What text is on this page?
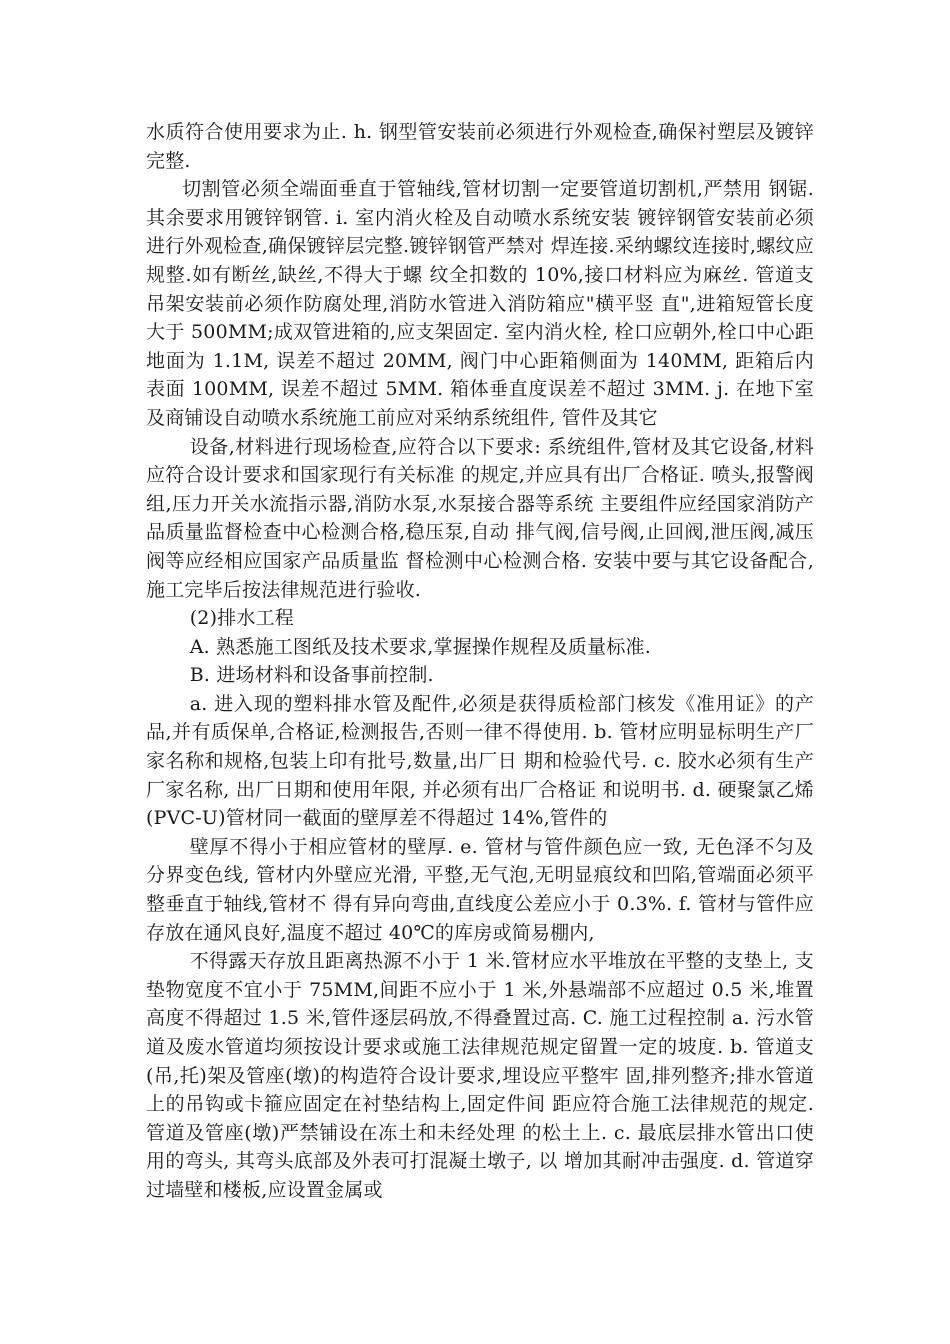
水质符合使用要求为止. h. 钢型管安装前必须进行外观检查,确保衬塑层及镀锌完整.

切割管必须全端面垂直于管轴线,管材切割一定要管道切割机,严禁用 钢锯. 其余要求用镀锌钢管. i. 室内消火栓及自动喷水系统安装 镀锌钢管安装前必须进行外观检查,确保镀锌层完整.镀锌钢管严禁对 焊连接.采纳螺纹连接时,螺纹应规整.如有断丝,缺丝,不得大于螺 纹全扣数的 10%,接口材料应为麻丝. 管道支吊架安装前必须作防腐处理,消防水管进入消防箱应"横平竖 直",进箱短管长度大于 500MM;成双管进箱的,应支架固定. 室内消火栓, 栓口应朝外,栓口中心距地面为 1.1M, 误差不超过 20MM, 阀门中心距箱侧面为 140MM, 距箱后内表面 100MM, 误差不超过 5MM. 箱体垂直度误差不超过 3MM. j. 在地下室及商铺设自动喷水系统施工前应对采纳系统组件, 管件及其它

设备,材料进行现场检查,应符合以下要求: 系统组件,管材及其它设备,材料应符合设计要求和国家现行有关标准 的规定,并应具有出厂合格证. 喷头,报警阀组,压力开关水流指示器,消防水泵,水泵接合器等系统 主要组件应经国家消防产品质量监督检查中心检测合格,稳压泵,自动 排气阀,信号阀,止回阀,泄压阀,减压阀等应经相应国家产品质量监 督检测中心检测合格. 安装中要与其它设备配合,施工完毕后按法律规范进行验收.

(2)排水工程

A. 熟悉施工图纸及技术要求,掌握操作规程及质量标准.

B. 进场材料和设备事前控制.

a. 进入现的塑料排水管及配件,必须是获得质检部门核发《准用证》的产 品,并有质保单,合格证,检测报告,否则一律不得使用. b. 管材应明显标明生产厂家名称和规格,包装上印有批号,数量,出厂日 期和检验代号. c. 胶水必须有生产厂家名称, 出厂日期和使用年限, 并必须有出厂合格证 和说明书. d. 硬聚氯乙烯(PVC-U)管材同一截面的壁厚差不得超过 14%,管件的

壁厚不得小于相应管材的壁厚. e. 管材与管件颜色应一致, 无色泽不匀及分界变色线, 管材内外壁应光滑, 平整,无气泡,无明显痕纹和凹陷,管端面必须平整垂直于轴线,管材不 得有异向弯曲,直线度公差应小于 0.3%. f. 管材与管件应存放在通风良好,温度不超过 40℃的库房或简易棚内,

不得露天存放且距离热源不小于 1 米.管材应水平堆放在平整的支垫上, 支垫物宽度不宜小于 75MM,间距不应小于 1 米,外悬端部不应超过 0.5 米,堆置高度不得超过 1.5 米,管件逐层码放,不得叠置过高. C. 施工过程控制 a. 污水管道及废水管道均须按设计要求或施工法律规范规定留置一定的坡度. b. 管道支(吊,托)架及管座(墩)的构造符合设计要求,埋设应平整牢 固,排列整齐;排水管道上的吊钩或卡箍应固定在衬垫结构上,固定件间 距应符合施工法律规范的规定.管道及管座(墩)严禁铺设在冻土和未经处理 的松土上. c. 最底层排水管出口使用的弯头, 其弯头底部及外表可打混凝土墩子, 以 增加其耐冲击强度. d. 管道穿过墙壁和楼板,应设置金属或
